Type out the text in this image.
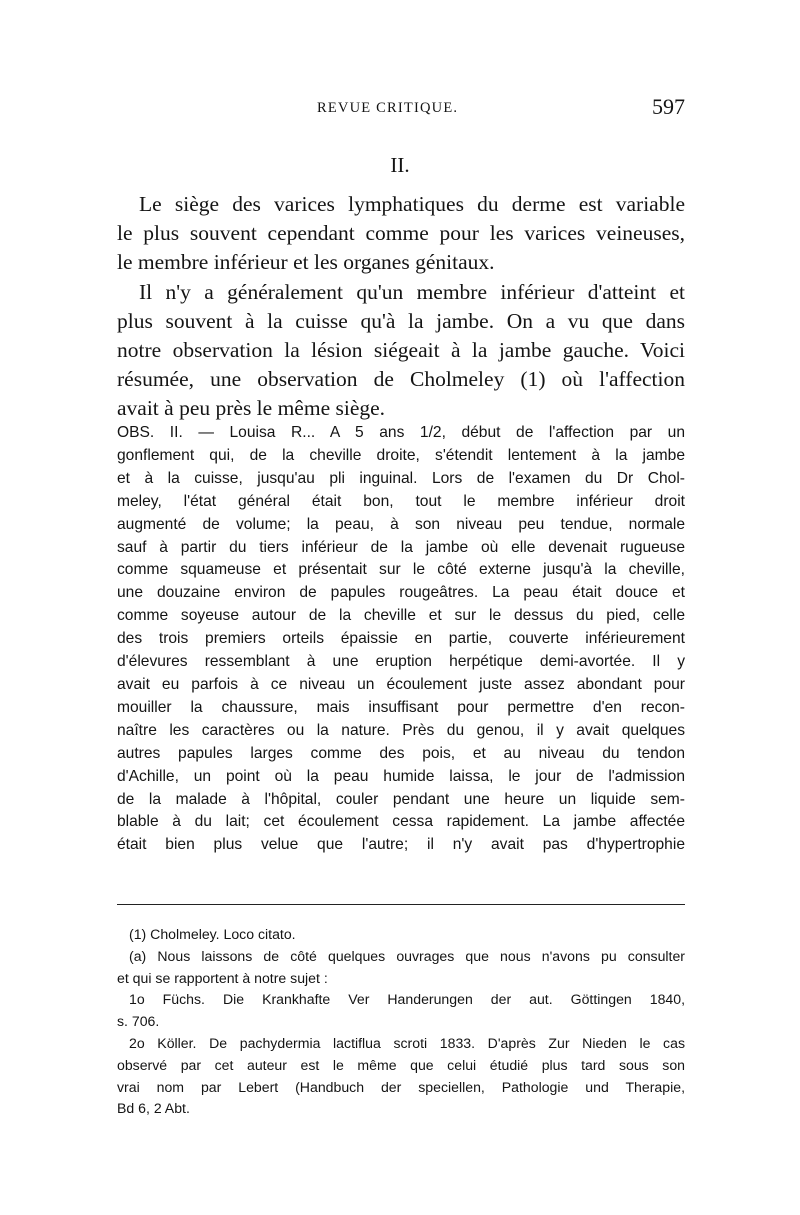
REVUE CRITIQUE.	597
II.
Le siège des varices lymphatiques du derme est variable
le plus souvent cependant comme pour les varices veineuses,
le membre inférieur et les organes génitaux.
Il n'y a généralement qu'un membre inférieur d'atteint et
plus souvent à la cuisse qu'à la jambe. On a vu que dans
notre observation la lésion siégeait à la jambe gauche. Voici
résumée, une observation de Cholmeley (1) où l'affection
avait à peu près le même siège.
OBS. II. — Louisa R... A 5 ans 1/2, début de l'affection par un
gonflement qui, de la cheville droite, s'étendit lentement à la jambe
et à la cuisse, jusqu'au pli inguinal. Lors de l'examen du Dr Chol-
meley, l'état général était bon, tout le membre inférieur droit
augmenté de volume; la peau, à son niveau peu tendue, normale
sauf à partir du tiers inférieur de la jambe où elle devenait rugueuse
comme squameuse et présentait sur le côté externe jusqu'à la cheville,
une douzaine environ de papules rougeâtres. La peau était douce et
comme soyeuse autour de la cheville et sur le dessus du pied, celle
des trois premiers orteils épaissie en partie, couverte inférieurement
d'élevures ressemblant à une eruption herpétique demi-avortée. Il y
avait eu parfois à ce niveau un écoulement juste assez abondant pour
mouiller la chaussure, mais insuffisant pour permettre d'en recon-
naître les caractères ou la nature. Près du genou, il y avait quelques
autres papules larges comme des pois, et au niveau du tendon
d'Achille, un point où la peau humide laissa, le jour de l'admission
de la malade à l'hôpital, couler pendant une heure un liquide sem-
blable à du lait; cet écoulement cessa rapidement. La jambe affectée
était bien plus velue que l'autre; il n'y avait pas d'hypertrophie
(1) Cholmeley. Loco citato.
(a) Nous laissons de côté quelques ouvrages que nous n'avons pu consulter
et qui se rapportent à notre sujet :
1o Füchs. Die Krankhafte Ver Handerungen der aut. Göttingen 1840,
s. 706.
2o Köller. De pachydermia lactiflua scroti 1833. D'après Zur Nieden le cas
observé par cet auteur est le même que celui étudié plus tard sous son
vrai nom par Lebert (Handbuch der speciellen, Pathologie und Therapie,
Bd 6, 2 Abt.
